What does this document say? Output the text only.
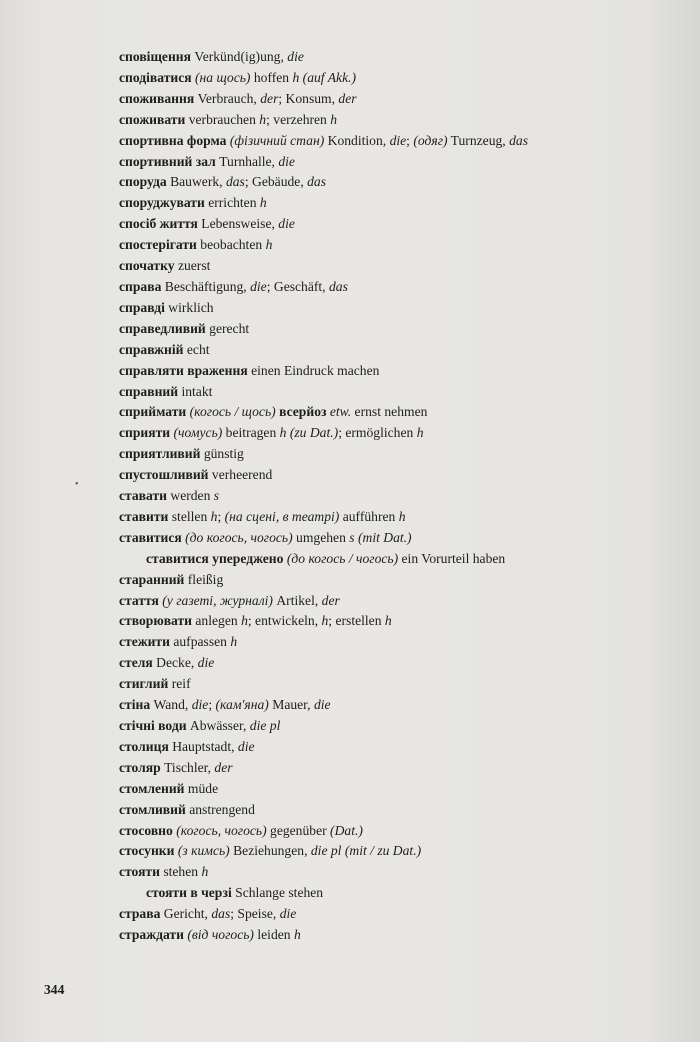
сповіщення Verkünd(ig)ung, die
сподіватися (на щось) hoffen h (auf Akk.)
споживання Verbrauch, der; Konsum, der
споживати verbrauchen h; verzehren h
спортивна форма (фізичний стан) Kondition, die; (одяг) Turnzeug, das
спортивний зал Turnhalle, die
споруда Bauwerk, das; Gebäude, das
споруджувати errichten h
спосіб життя Lebensweise, die
спостерігати beobachten h
спочатку zuerst
справа Beschäftigung, die; Geschäft, das
справді wirklich
справедливий gerecht
справжній echt
справляти враження einen Eindruck machen
справний intakt
сприймати (когось / щось) всерйоз etw. ernst nehmen
сприяти (чомусь) beitragen h (zu Dat.); ermöglichen h
сприятливий günstig
спустошливий verheerend
ставати werden s
ставити stellen h; (на сцені, в театрі) aufführen h
ставитися (до когось, чогось) umgehen s (mit Dat.)
ставитися упереджено (до когось / чогось) ein Vorurteil haben
старанний fleißig
стаття (у газеті, журналі) Artikel, der
створювати anlegen h; entwickeln, h; erstellen h
стежити aufpassen h
стеля Decke, die
стиглий reif
стіна Wand, die; (кам'яна) Mauer, die
стічні води Abwässer, die pl
столиця Hauptstadt, die
столяр Tischler, der
стомлений müde
стомливий anstrengend
стосовно (когось, чогось) gegenüber (Dat.)
стосунки (з кимсь) Beziehungen, die pl (mit / zu Dat.)
стояти stehen h
стояти в черзі Schlange stehen
страва Gericht, das; Speise, die
страждати (від чогось) leiden h
•
344
